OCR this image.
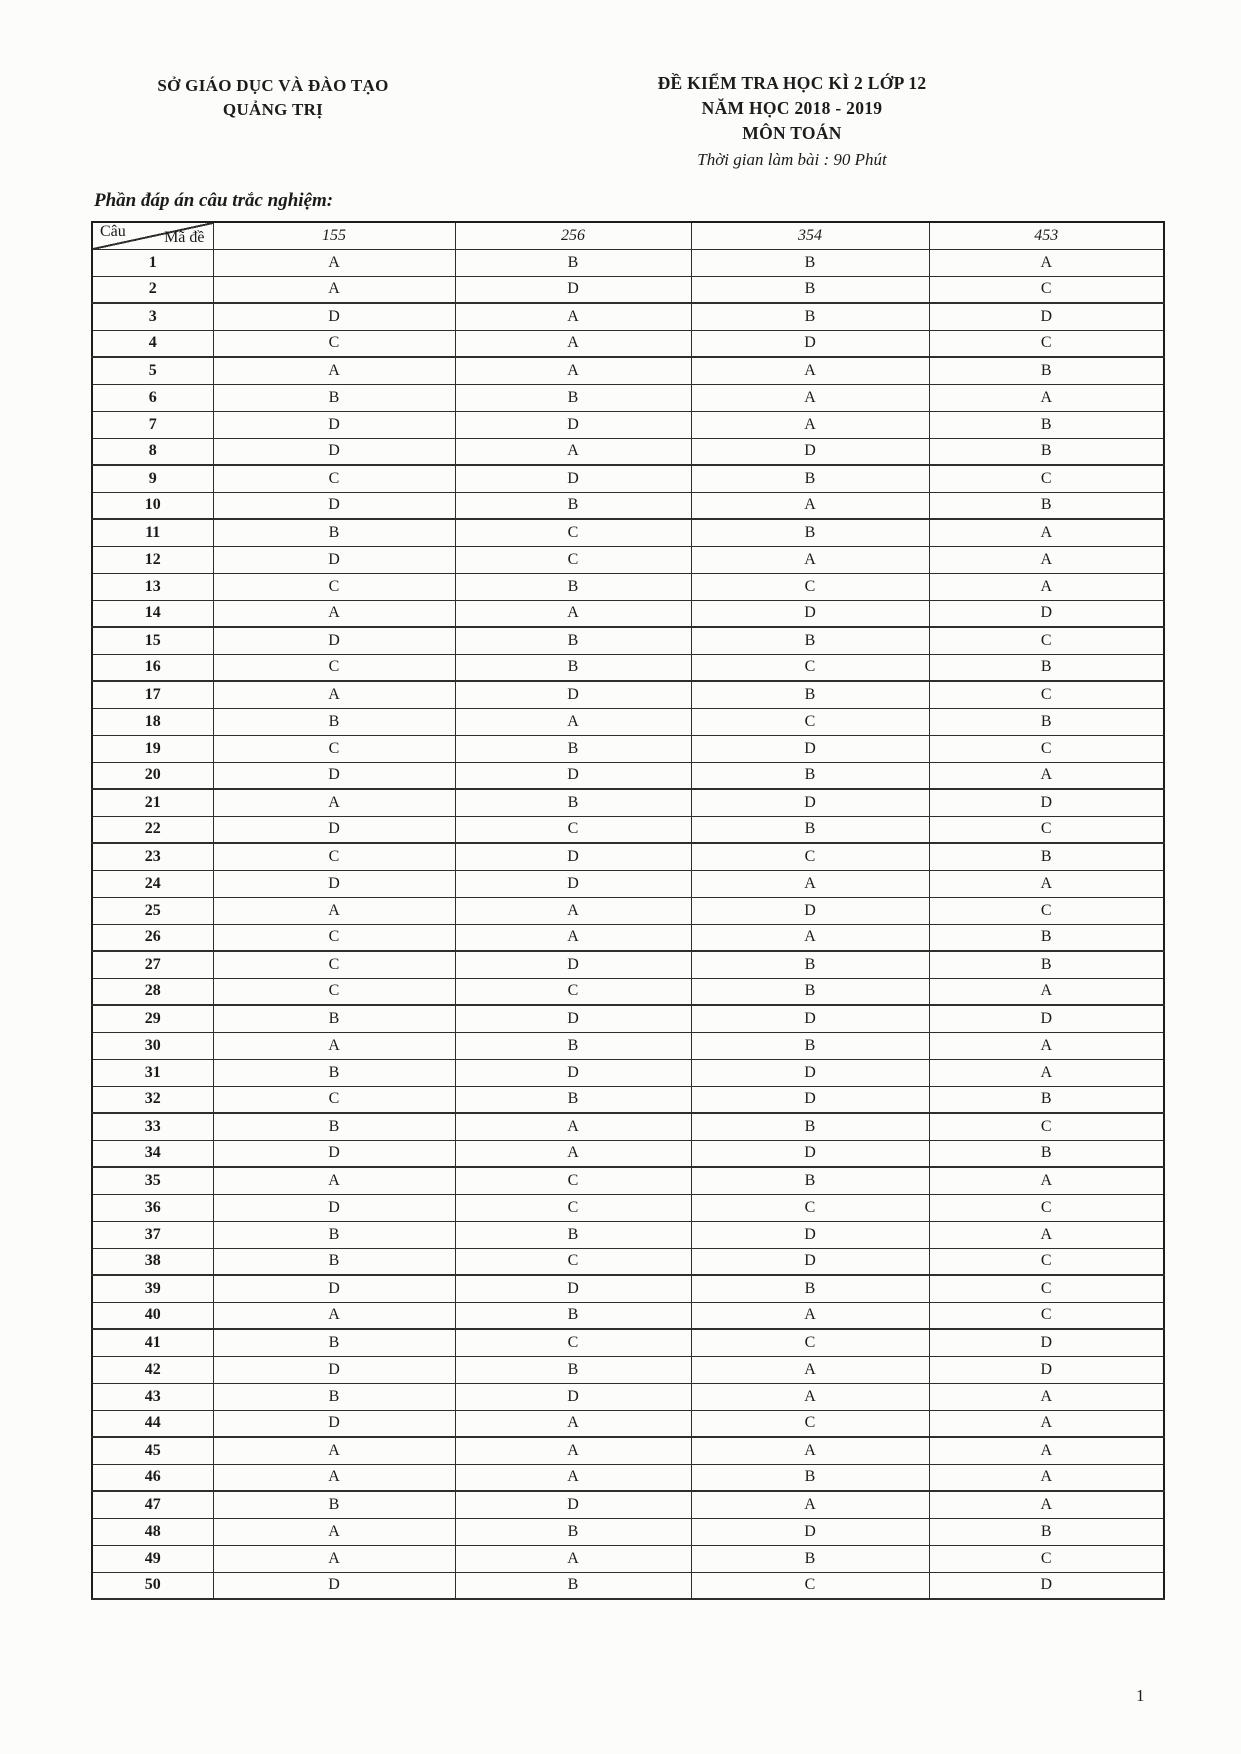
SỞ GIÁO DỤC VÀ ĐÀO TẠO
QUẢNG TRỊ
ĐỀ KIỂM TRA HỌC KÌ 2 LỚP 12
NĂM HỌC 2018 - 2019
MÔN TOÁN
Thời gian làm bài : 90 Phút
Phần đáp án câu trắc nghiệm:
Mã đề
Câu	155	256	354	453
1	A	B	B	A
2	A	D	B	C
3	D	A	B	D
4	C	A	D	C
5	A	A	A	B
6	B	B	A	A
7	D	D	A	B
8	D	A	D	B
9	C	D	B	C
10	D	B	A	B
11	B	C	B	A
12	D	C	A	A
13	C	B	C	A
14	A	A	D	D
15	D	B	B	C
16	C	B	C	B
17	A	D	B	C
18	B	A	C	B
19	C	B	D	C
20	D	D	B	A
21	A	B	D	D
22	D	C	B	C
23	C	D	C	B
24	D	D	A	A
25	A	A	D	C
26	C	A	A	B
27	C	D	B	B
28	C	C	B	A
29	B	D	D	D
30	A	B	B	A
31	B	D	D	A
32	C	B	D	B
33	B	A	B	C
34	D	A	D	B
35	A	C	B	A
36	D	C	C	C
37	B	B	D	A
38	B	C	D	C
39	D	D	B	C
40	A	B	A	C
41	B	C	C	D
42	D	B	A	D
43	B	D	A	A
44	D	A	C	A
45	A	A	A	A
46	A	A	B	A
47	B	D	A	A
48	A	B	D	B
49	A	A	B	C
50	D	B	C	D
1
